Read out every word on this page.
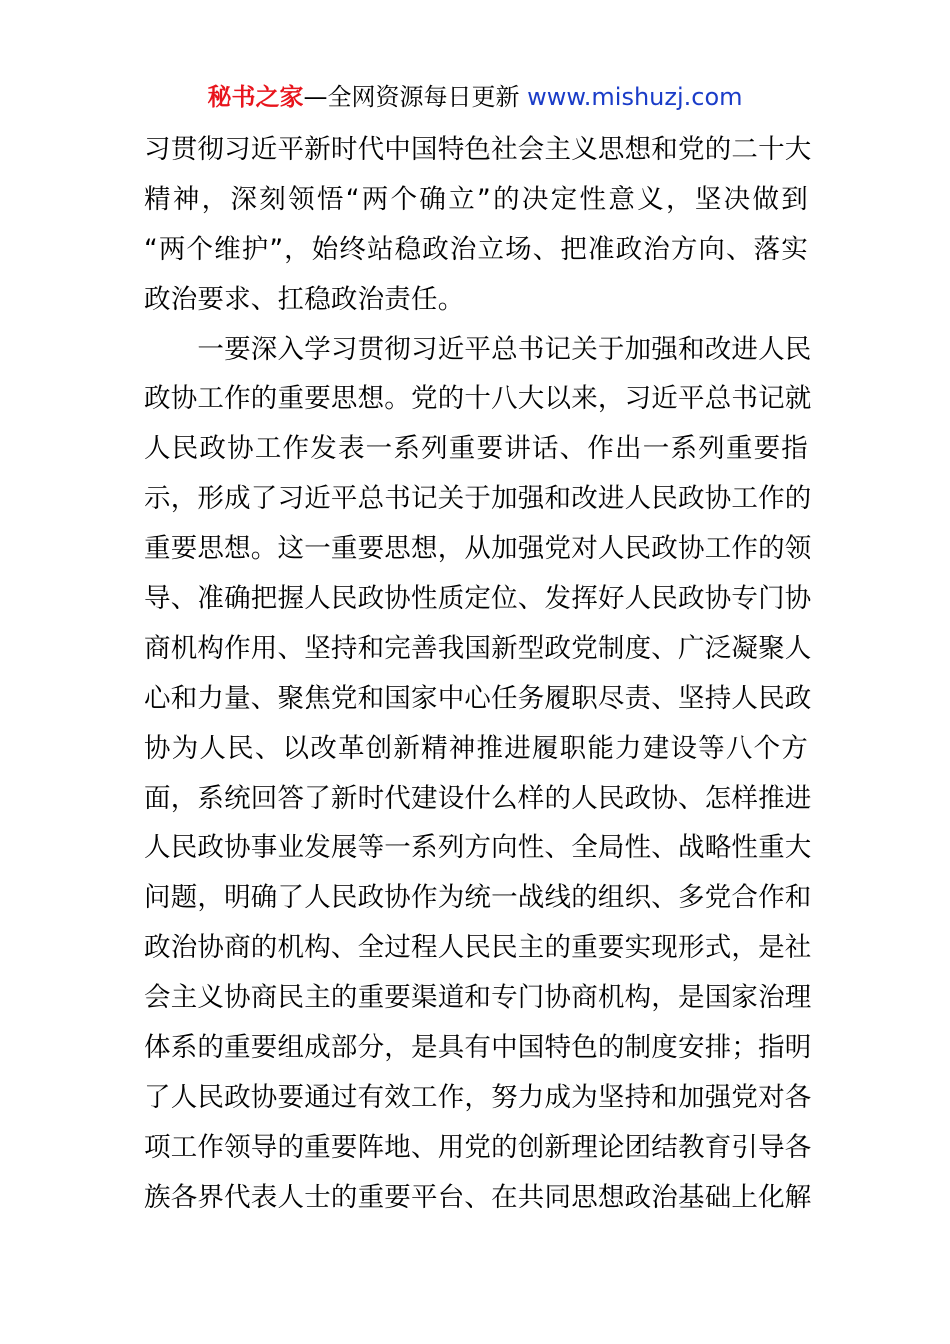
秘书之家—全网资源每日更新 www.mishuzj.com
习贯彻习近平新时代中国特色社会主义思想和党的二十大
精神，深刻领悟“两个确立”的决定性意义，坚决做到
“两个维护”，始终站稳政治立场、把准政治方向、落实
政治要求、扛稳政治责任。
　　一要深入学习贯彻习近平总书记关于加强和改进人民
政协工作的重要思想。党的十八大以来，习近平总书记就
人民政协工作发表一系列重要讲话、作出一系列重要指
示，形成了习近平总书记关于加强和改进人民政协工作的
重要思想。这一重要思想，从加强党对人民政协工作的领
导、准确把握人民政协性质定位、发挥好人民政协专门协
商机构作用、坚持和完善我国新型政党制度、广泛凝聚人
心和力量、聚焦党和国家中心任务履职尽责、坚持人民政
协为人民、以改革创新精神推进履职能力建设等八个方
面，系统回答了新时代建设什么样的人民政协、怎样推进
人民政协事业发展等一系列方向性、全局性、战略性重大
问题，明确了人民政协作为统一战线的组织、多党合作和
政治协商的机构、全过程人民民主的重要实现形式，是社
会主义协商民主的重要渠道和专门协商机构，是国家治理
体系的重要组成部分，是具有中国特色的制度安排；指明
了人民政协要通过有效工作，努力成为坚持和加强党对各
项工作领导的重要阵地、用党的创新理论团结教育引导各
族各界代表人士的重要平台、在共同思想政治基础上化解
